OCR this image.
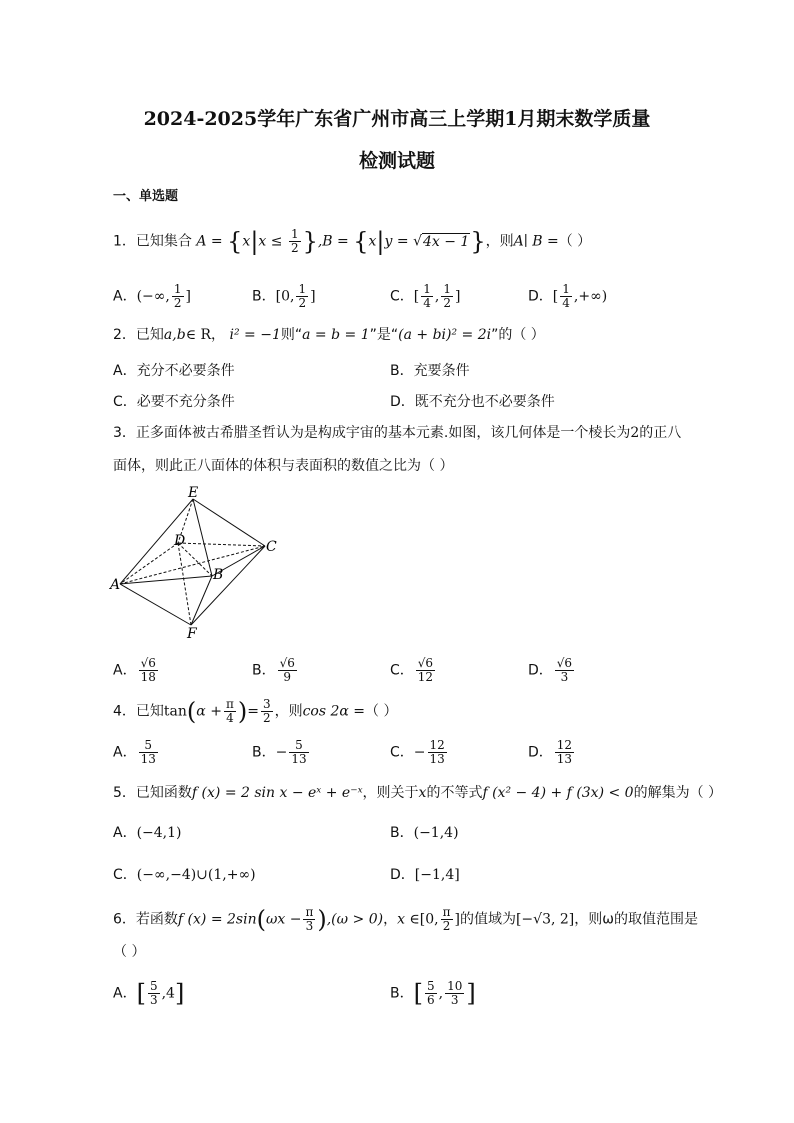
2024-2025学年广东省广州市高三上学期1月期末数学质量
检测试题
一、单选题
1．已知集合 $A = \{x|x \le \frac{1}{2} \},B = \{x|y = √4x - 1\}$，则A∣ B =（ ）
A．(−∞, $\frac{1}{2}$ ]	B．[0, $\frac{1}{2}$ ]	C．[ $\frac{1}{4}$ , $\frac{1}{2}$ ]	D．[ $\frac{1}{4}$ ,+∞)
2．已知a,b∈ R， i² = −1则“a = b = 1”是“(a + bi)² = 2i”的（ ）
A．充分不必要条件	B．充要条件
C．必要不充分条件	D．既不充分也不必要条件
3．正多面体被古希腊圣哲认为是构成宇宙的基本元素.如图，该几何体是一个棱长为2的正八
面体，则此正八面体的体积与表面积的数值之比为（ ）
E
D	C
A
B
F
A． $\frac{√6}{18}$	B． $\frac{√6}{9}$	C． $\frac{√6}{12}$	D． $\frac{√6}{3}$
4．已知$\tan(\alpha + \frac{\pi}{4}$ )= $\frac{3}{2}$ ，则cos 2α =（ ）
A． $\frac{5}{13}$	B．− $\frac{5}{13}$	C．− $\frac{12}{13}$	D． $\frac{12}{13}$
5．已知函数f (x) = 2 sin x − eˣ + e⁻ˣ，则关于x的不等式f (x² − 4) + f (3x) < 0的解集为（ ）
A．(−4,1)	B．(−1,4)
C．(−∞,−4)∪(1,+∞)	D．[−1,4]
6．若函数f $(x) = 2\sin(\omega x - \frac{\pi}{3} ),(\omega > 0)$，x ∈[0, $\frac{\pi}{2}$ ]的值域为[−√3, 2]，则ω的取值范围是
（ ）
A．[ $\frac{5}{3} ,4$]	B．[ $\frac{5}{6}$ , $\frac{10}{3}$ ]
